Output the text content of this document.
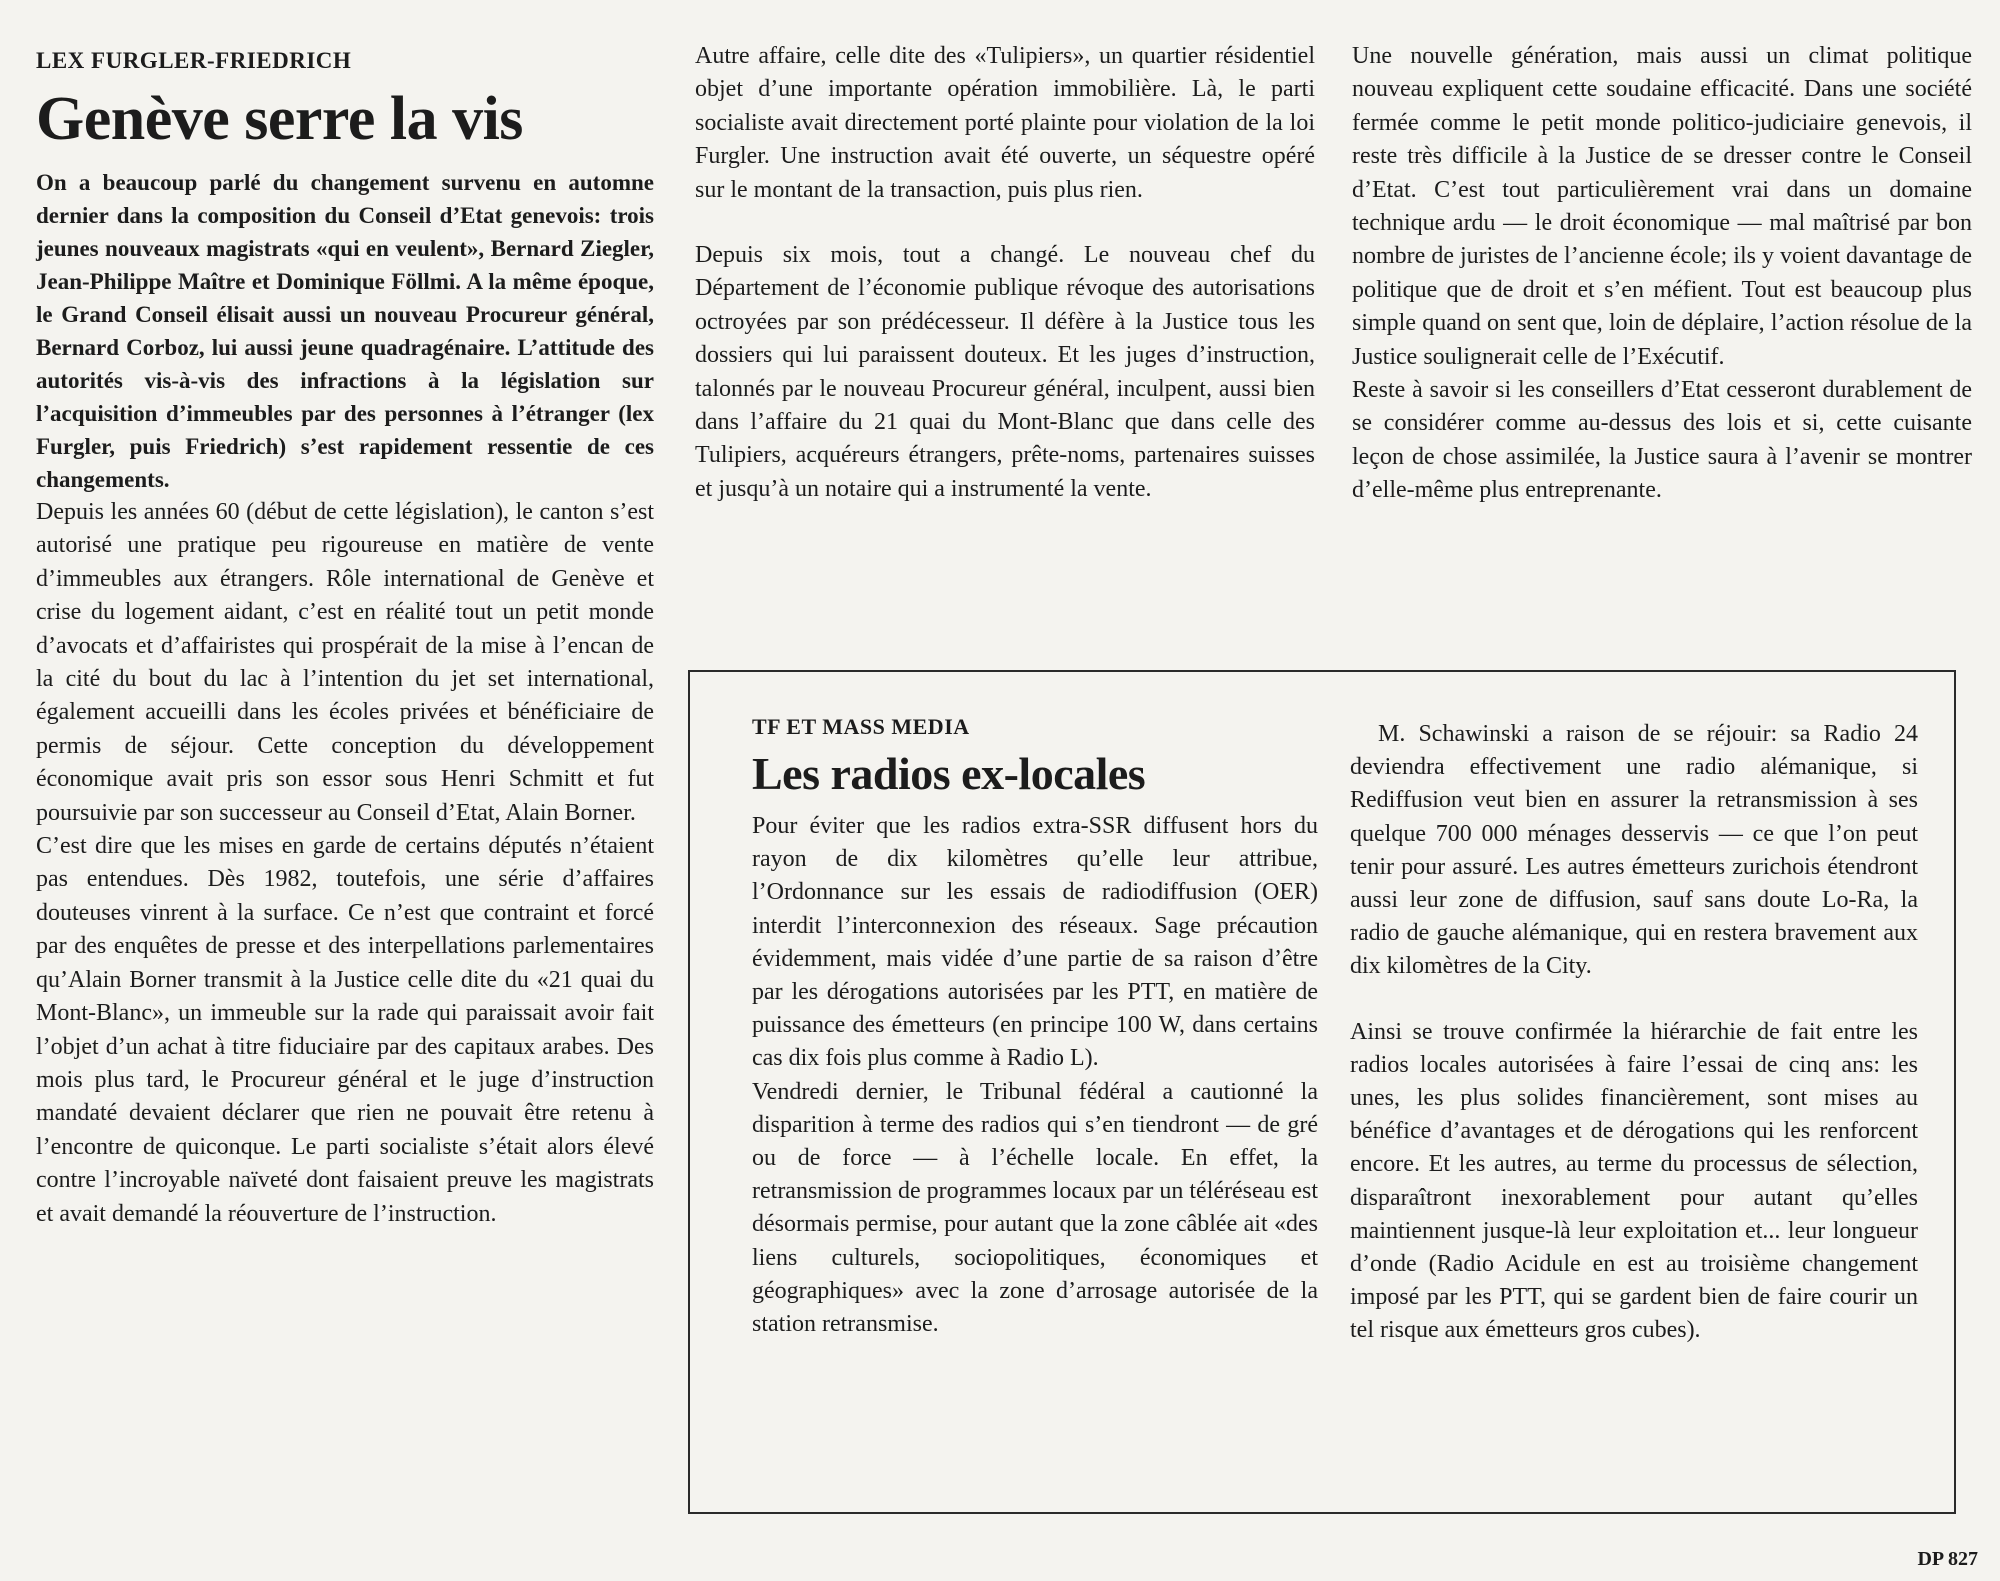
LEX FURGLER-FRIEDRICH
Genève serre la vis

On a beaucoup parlé du changement survenu en automne dernier dans la composition du Conseil d’Etat genevois: trois jeunes nouveaux magistrats «qui en veulent», Bernard Ziegler, Jean-Philippe Maître et Dominique Föllmi. A la même époque, le Grand Conseil élisait aussi un nouveau Procureur général, Bernard Corboz, lui aussi jeune quadragénaire. L’attitude des autorités vis-à-vis des infractions à la législation sur l’acquisition d’immeubles par des personnes à l’étranger (lex Furgler, puis Friedrich) s’est rapidement ressentie de ces changements.

Depuis les années 60 (début de cette législation), le canton s’est autorisé une pratique peu rigoureuse en matière de vente d’immeubles aux étrangers. Rôle international de Genève et crise du logement aidant, c’est en réalité tout un petit monde d’avocats et d’affairistes qui prospérait de la mise à l’encan de la cité du bout du lac à l’intention du jet set international, également accueilli dans les écoles privées et bénéficiaire de permis de séjour. Cette conception du développement économique avait pris son essor sous Henri Schmitt et fut poursuivie par son successeur au Conseil d’Etat, Alain Borner.

C’est dire que les mises en garde de certains députés n’étaient pas entendues. Dès 1982, toutefois, une série d’affaires douteuses vinrent à la surface. Ce n’est que contraint et forcé par des enquêtes de presse et des interpellations parlementaires qu’Alain Borner transmit à la Justice celle dite du «21 quai du Mont-Blanc», un immeuble sur la rade qui paraissait avoir fait l’objet d’un achat à titre fiduciaire par des capitaux arabes. Des mois plus tard, le Procureur général et le juge d’instruction mandaté devaient déclarer que rien ne pouvait être retenu à l’encontre de quiconque. Le parti socialiste s’était alors élevé contre l’incroyable naïveté dont faisaient preuve les magistrats et avait demandé la réouverture de l’instruction.

Autre affaire, celle dite des «Tulipiers», un quartier résidentiel objet d’une importante opération immobilière. Là, le parti socialiste avait directement porté plainte pour violation de la loi Furgler. Une instruction avait été ouverte, un séquestre opéré sur le montant de la transaction, puis plus rien.

Depuis six mois, tout a changé. Le nouveau chef du Département de l’économie publique révoque des autorisations octroyées par son prédécesseur. Il défère à la Justice tous les dossiers qui lui paraissent douteux. Et les juges d’instruction, talonnés par le nouveau Procureur général, inculpent, aussi bien dans l’affaire du 21 quai du Mont-Blanc que dans celle des Tulipiers, acquéreurs étrangers, prête-noms, partenaires suisses et jusqu’à un notaire qui a instrumenté la vente.

Une nouvelle génération, mais aussi un climat politique nouveau expliquent cette soudaine efficacité. Dans une société fermée comme le petit monde politico-judiciaire genevois, il reste très difficile à la Justice de se dresser contre le Conseil d’Etat. C’est tout particulièrement vrai dans un domaine technique ardu — le droit économique — mal maîtrisé par bon nombre de juristes de l’ancienne école; ils y voient davantage de politique que de droit et s’en méfient. Tout est beaucoup plus simple quand on sent que, loin de déplaire, l’action résolue de la Justice soulignerait celle de l’Exécutif.

Reste à savoir si les conseillers d’Etat cesseront durablement de se considérer comme au-dessus des lois et si, cette cuisante leçon de chose assimilée, la Justice saura à l’avenir se montrer d’elle-même plus entreprenante.

TF ET MASS MEDIA
Les radios ex-locales

Pour éviter que les radios extra-SSR diffusent hors du rayon de dix kilomètres qu’elle leur attribue, l’Ordonnance sur les essais de radiodiffusion (OER) interdit l’interconnexion des réseaux. Sage précaution évidemment, mais vidée d’une partie de sa raison d’être par les dérogations autorisées par les PTT, en matière de puissance des émetteurs (en principe 100 W, dans certains cas dix fois plus comme à Radio L).

Vendredi dernier, le Tribunal fédéral a cautionné la disparition à terme des radios qui s’en tiendront — de gré ou de force — à l’échelle locale. En effet, la retransmission de programmes locaux par un téléréseau est désormais permise, pour autant que la zone câblée ait «des liens culturels, sociopolitiques, économiques et géographiques» avec la zone d’arrosage autorisée de la station retransmise.

M. Schawinski a raison de se réjouir: sa Radio 24 deviendra effectivement une radio alémanique, si Rediffusion veut bien en assurer la retransmission à ses quelque 700 000 ménages desservis — ce que l’on peut tenir pour assuré. Les autres émetteurs zurichois étendront aussi leur zone de diffusion, sauf sans doute Lo-Ra, la radio de gauche alémanique, qui en restera bravement aux dix kilomètres de la City.

Ainsi se trouve confirmée la hiérarchie de fait entre les radios locales autorisées à faire l’essai de cinq ans: les unes, les plus solides financièrement, sont mises au bénéfice d’avantages et de dérogations qui les renforcent encore. Et les autres, au terme du processus de sélection, disparaîtront inexorablement pour autant qu’elles maintiennent jusque-là leur exploitation et... leur longueur d’onde (Radio Acidule en est au troisième changement imposé par les PTT, qui se gardent bien de faire courir un tel risque aux émetteurs gros cubes).

DP 827
